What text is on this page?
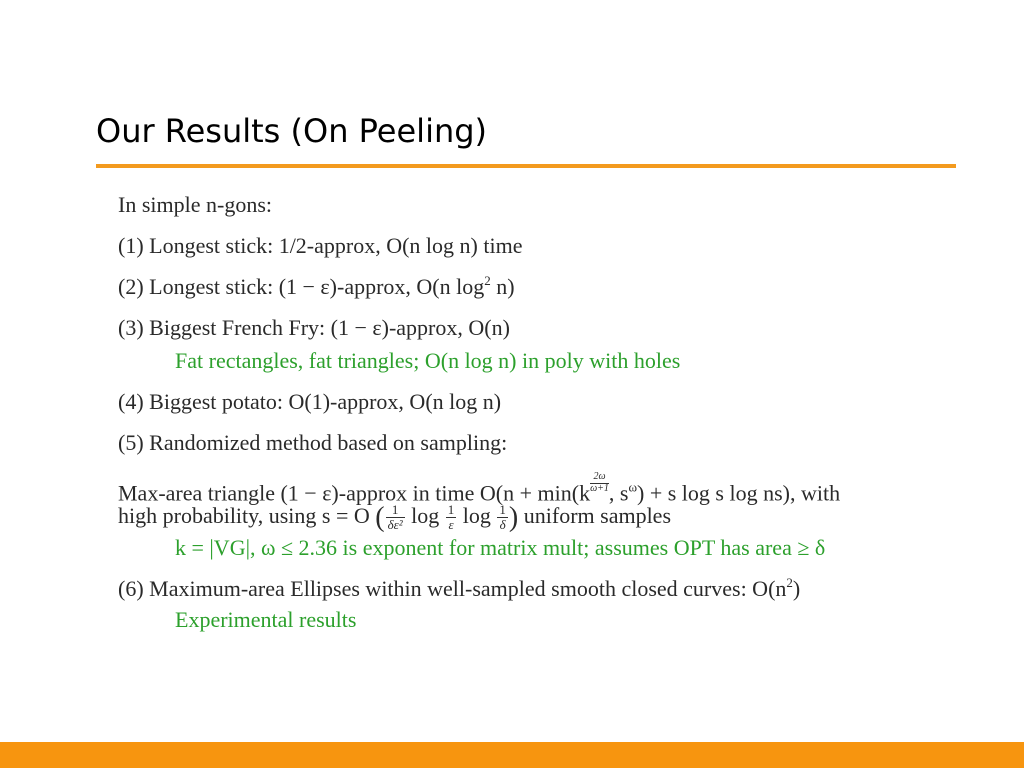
Our Results (On Peeling)
In simple n-gons:
(1) Longest stick: 1/2-approx, O(n log n) time
(2) Longest stick: (1 − ε)-approx, O(n $\log^2 n$)
(3) Biggest French Fry: (1 − ε)-approx, O(n)
Fat rectangles, fat triangles; O(n log n) in poly with holes
(4) Biggest potato: O(1)-approx, O(n log n)
(5) Randomized method based on sampling:
Max-area triangle (1 − ε)-approx in time $O(n + \min(k \frac{2\omega}{\omega+1}$, $s^\omega) + s$ log s log ns), with
high probability, using s = O ( $\frac{1}{\text{δε²}}$ $\log \frac{1}{\varepsilon}$ $\log \frac{1}{\delta}$ ) uniform samples
k = |VG|, ω ≤ 2.36 is exponent for matrix mult; assumes OPT has area ≥ δ
(6) Maximum-area Ellipses within well-sampled smooth closed curves: $O(n^2)$
Experimental results
